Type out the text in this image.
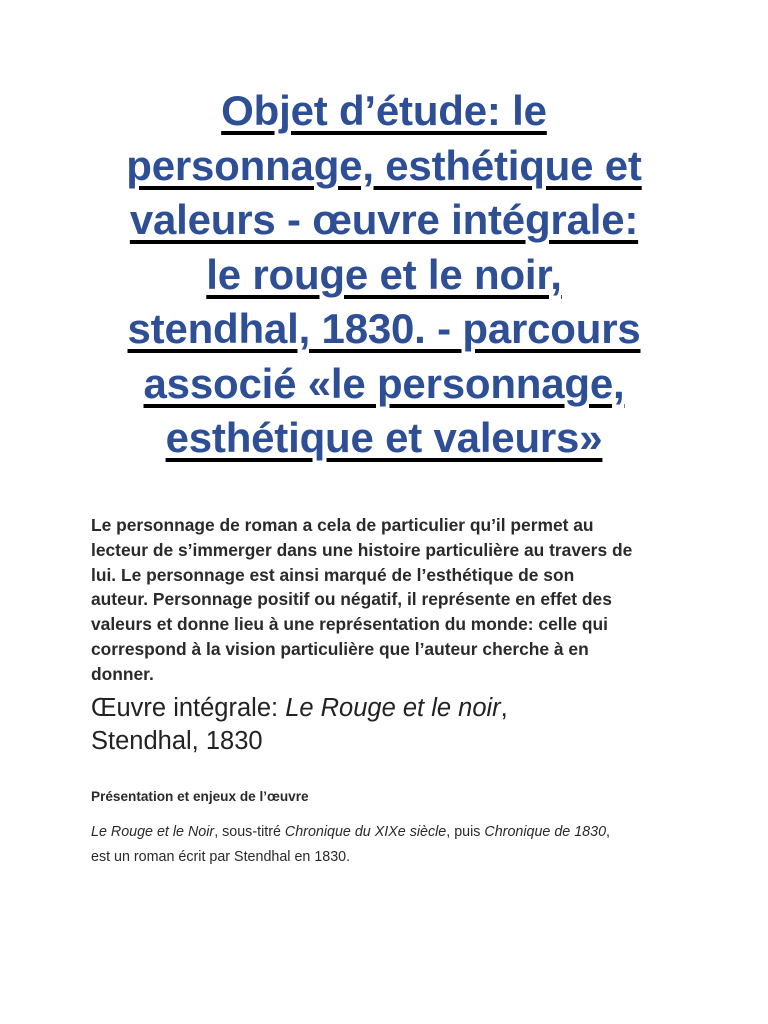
Objet d’étude: le
personnage, esthétique et
valeurs - œuvre intégrale:
le rouge et le noir,
stendhal, 1830. - parcours
associé «le personnage,
esthétique et valeurs»

Le personnage de roman a cela de particulier qu’il permet au
lecteur de s’immerger dans une histoire particulière au travers de
lui. Le personnage est ainsi marqué de l’esthétique de son
auteur. Personnage positif ou négatif, il représente en effet des
valeurs et donne lieu à une représentation du monde: celle qui
correspond à la vision particulière que l’auteur cherche à en
donner.

Œuvre intégrale: Le Rouge et le noir,
Stendhal, 1830
Présentation et enjeux de l’œuvre

Le Rouge et le Noir, sous-titré Chronique du XIXe siècle, puis Chronique de 1830,
est un roman écrit par Stendhal en 1830.
